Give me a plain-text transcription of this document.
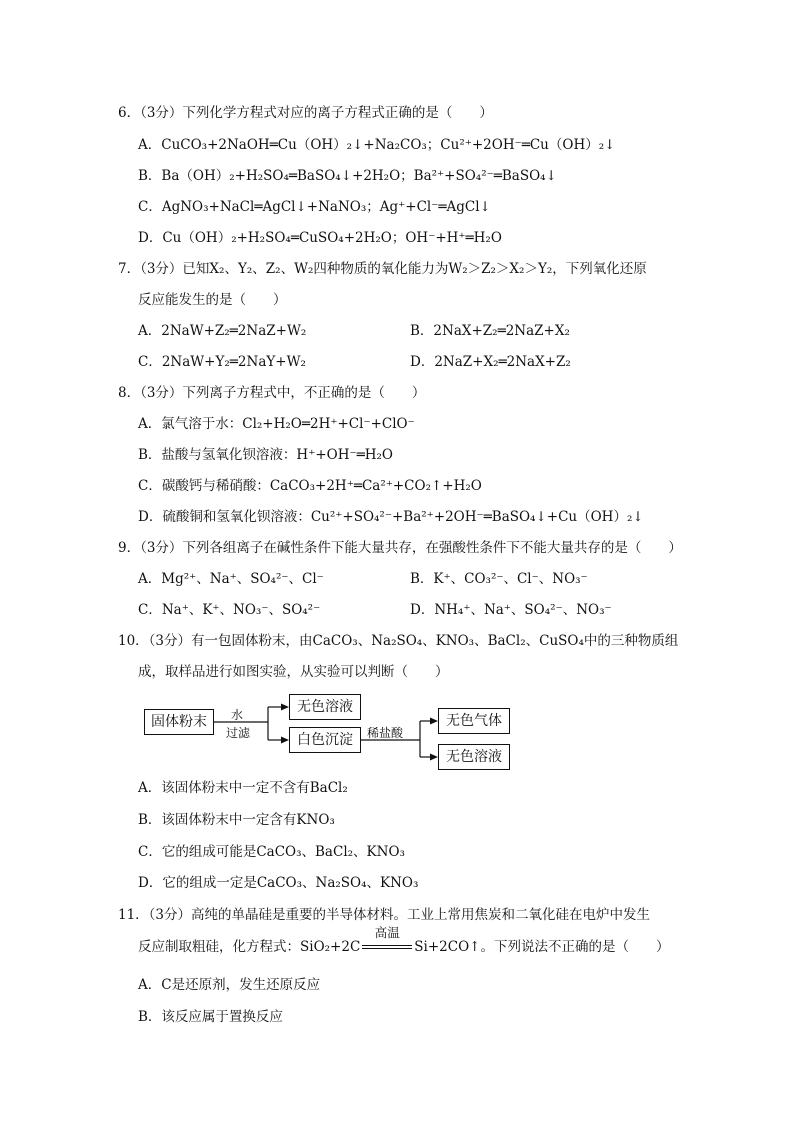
6．（3分）下列化学方程式对应的离子方程式正确的是（　　）
A．CuCO₃+2NaOH═Cu（OH）₂↓+Na₂CO₃；Cu²⁺+2OH⁻═Cu（OH）₂↓
B．Ba（OH）₂+H₂SO₄═BaSO₄↓+2H₂O；Ba²⁺+SO₄²⁻═BaSO₄↓
C．AgNO₃+NaCl═AgCl↓+NaNO₃；Ag⁺+Cl⁻═AgCl↓
D．Cu（OH）₂+H₂SO₄═CuSO₄+2H₂O；OH⁻+H⁺═H₂O
7．（3分）已知X₂、Y₂、Z₂、W₂四种物质的氧化能力为W₂＞Z₂＞X₂＞Y₂，下列氧化还原
反应能发生的是（　　）
A．2NaW+Z₂═2NaZ+W₂	B．2NaX+Z₂═2NaZ+X₂
C．2NaW+Y₂═2NaY+W₂	D．2NaZ+X₂═2NaX+Z₂
8．（3分）下列离子方程式中，不正确的是（　　）
A．氯气溶于水：Cl₂+H₂O═2H⁺+Cl⁻+ClO⁻
B．盐酸与氢氧化钡溶液：H⁺+OH⁻═H₂O
C．碳酸钙与稀硝酸：CaCO₃+2H⁺═Ca²⁺+CO₂↑+H₂O
D．硫酸铜和氢氧化钡溶液：Cu²⁺+SO₄²⁻+Ba²⁺+2OH⁻═BaSO₄↓+Cu（OH）₂↓
9．（3分）下列各组离子在碱性条件下能大量共存，在强酸性条件下不能大量共存的是（　　）
A．Mg²⁺、Na⁺、SO₄²⁻、Cl⁻	B．K⁺、CO₃²⁻、Cl⁻、NO₃⁻
C．Na⁺、K⁺、NO₃⁻、SO₄²⁻	D．NH₄⁺、Na⁺、SO₄²⁻、NO₃⁻
10．（3分）有一包固体粉末，由CaCO₃、Na₂SO₄、KNO₃、BaCl₂、CuSO₄中的三种物质组
成，取样品进行如图实验，从实验可以判断（　　）
固体粉末	水
过滤
无色溶液
白色沉淀	稀盐酸
无色气体
无色溶液
A．该固体粉末中一定不含有BaCl₂
B．该固体粉末中一定含有KNO₃
C．它的组成可能是CaCO₃、BaCl₂、KNO₃
D．它的组成一定是CaCO₃、Na₂SO₄、KNO₃
11．（3分）高纯的单晶硅是重要的半导体材料。工业上常用焦炭和二氧化硅在电炉中发生
反应制取粗硅，化方程式：SiO₂+2C
高温
Si+2CO↑。下列说法不正确的是（　　）
A．C是还原剂，发生还原反应
B．该反应属于置换反应
